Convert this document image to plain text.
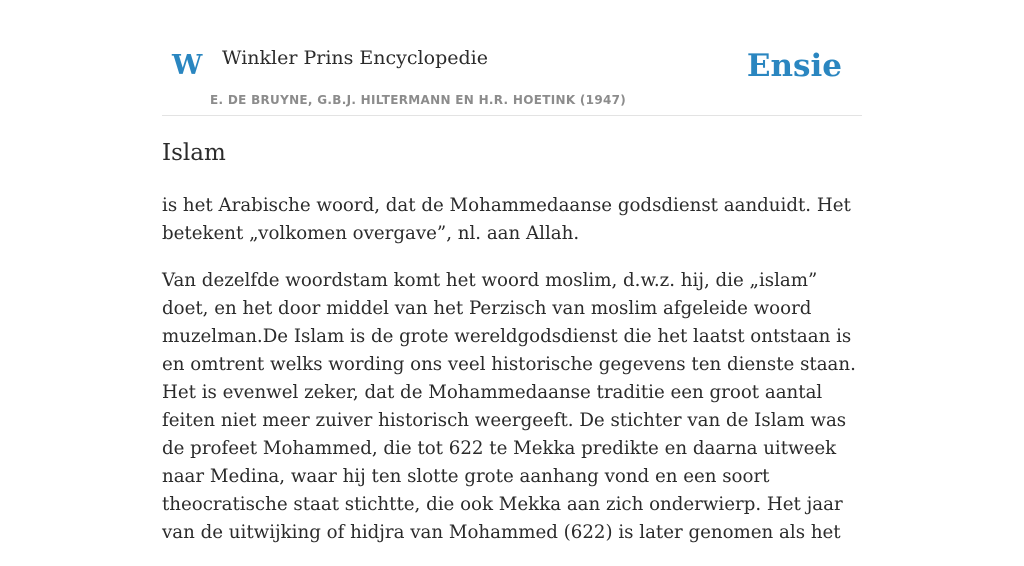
W Winkler Prins Encyclopedie
E. DE BRUYNE, G.B.J. HILTERMANN EN H.R. HOETINK (1947)
Ensie
Islam

is het Arabische woord, dat de Mohammedaanse godsdienst aanduidt. Het betekent „volkomen overgave”, nl. aan Allah.

Van dezelfde woordstam komt het woord moslim, d.w.z. hij, die „islam” doet, en het door middel van het Perzisch van moslim afgeleide woord muzelman.De Islam is de grote wereldgodsdienst die het laatst ontstaan is en omtrent welks wording ons veel historische gegevens ten dienste staan. Het is evenwel zeker, dat de Mohammedaanse traditie een groot aantal feiten niet meer zuiver historisch weergeeft. De stichter van de Islam was de profeet Mohammed, die tot 622 te Mekka predikte en daarna uitweek naar Medina, waar hij ten slotte grote aanhang vond en een soort theocratische staat stichtte, die ook Mekka aan zich onderwierp. Het jaar van de uitwijking of hidjra van Mohammed (622) is later genomen als het
